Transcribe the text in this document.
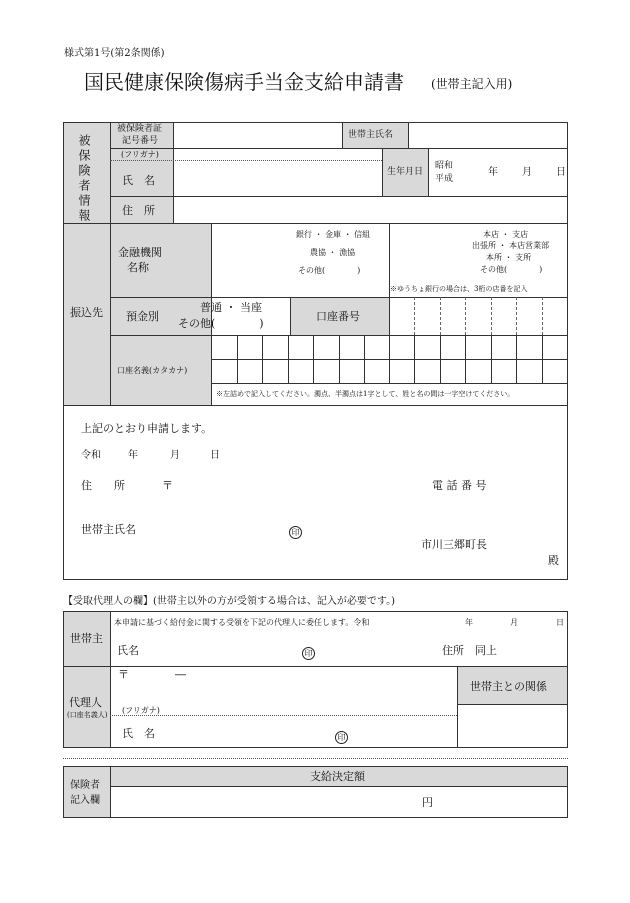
様式第1号(第2条関係)
国民健康保険傷病手当金支給申請書 (世帯主記入用)
被保険者情報
被保険者証
記号番号
世帯主氏名
(フリガナ)
氏　名
生年月日
昭和
平成
年 月 日
住　所
振込先
金融機関
名称
銀行 ・ 金庫 ・ 信組
農協 ・ 漁協
その他(　　　　)
本店 ・ 支店
出張所 ・ 本店営業部
本所 ・ 支所
その他(　　　　)
※ゆうちょ銀行の場合は、3桁の店番を記入
預金別
普通 ・ 当座
その他(　　　　)
口座番号
口座名義(カタカナ)
※左詰めで記入してください。濁点、半濁点は1字として、姓と名の間は一字空けてください。
上記のとおり申請します。
令和	年	月	日
住　　所	〒	電 話 番 号
世帯主氏名	印
市川三郷町長
殿
【受取代理人の欄】(世帯主以外の方が受領する場合は、記入が必要です。)
世帯主
本申請に基づく給付金に関する受領を下記の代理人に委任します。令和	年	月	日
氏名	印	住所　同上
代理人
(口座名義人)
〒	―
世帯主との関係
(フリガナ)
氏　名	印
保険者
記入欄
支給決定額
円
